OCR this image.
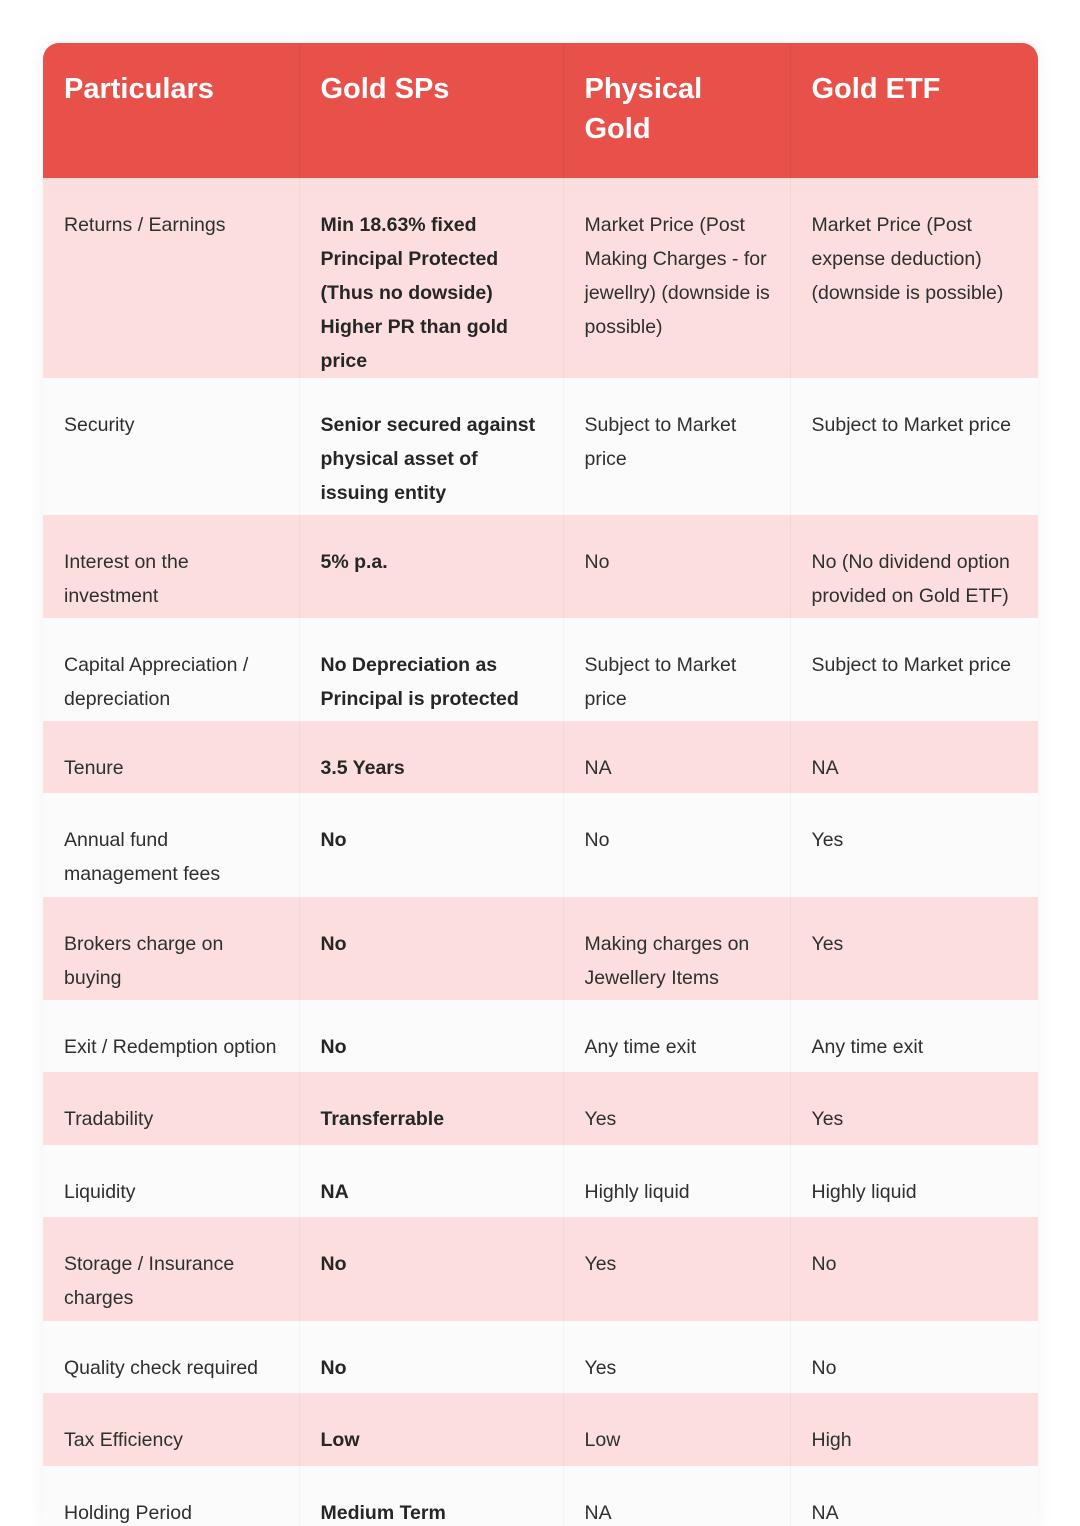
Particulars	Gold SPs	Physical Gold	Gold ETF
Returns / Earnings	Min 18.63% fixed Principal Protected (Thus no dowside) Higher PR than gold price	Market Price (Post Making Charges - for jewellry) (downside is possible)	Market Price (Post expense deduction) (downside is possible)
Security	Senior secured against physical asset of issuing entity	Subject to Market price	Subject to Market price
Interest on the investment	5% p.a.	No	No (No dividend option provided on Gold ETF)
Capital Appreciation / depreciation	No Depreciation as Principal is protected	Subject to Market price	Subject to Market price
Tenure	3.5 Years	NA	NA
Annual fund management fees	No	No	Yes
Brokers charge on buying	No	Making charges on Jewellery Items	Yes
Exit / Redemption option	No	Any time exit	Any time exit
Tradability	Transferrable	Yes	Yes
Liquidity	NA	Highly liquid	Highly liquid
Storage / Insurance charges	No	Yes	No
Quality check required	No	Yes	No
Tax Efficiency	Low	Low	High
Holding Period	Medium Term	NA	NA
